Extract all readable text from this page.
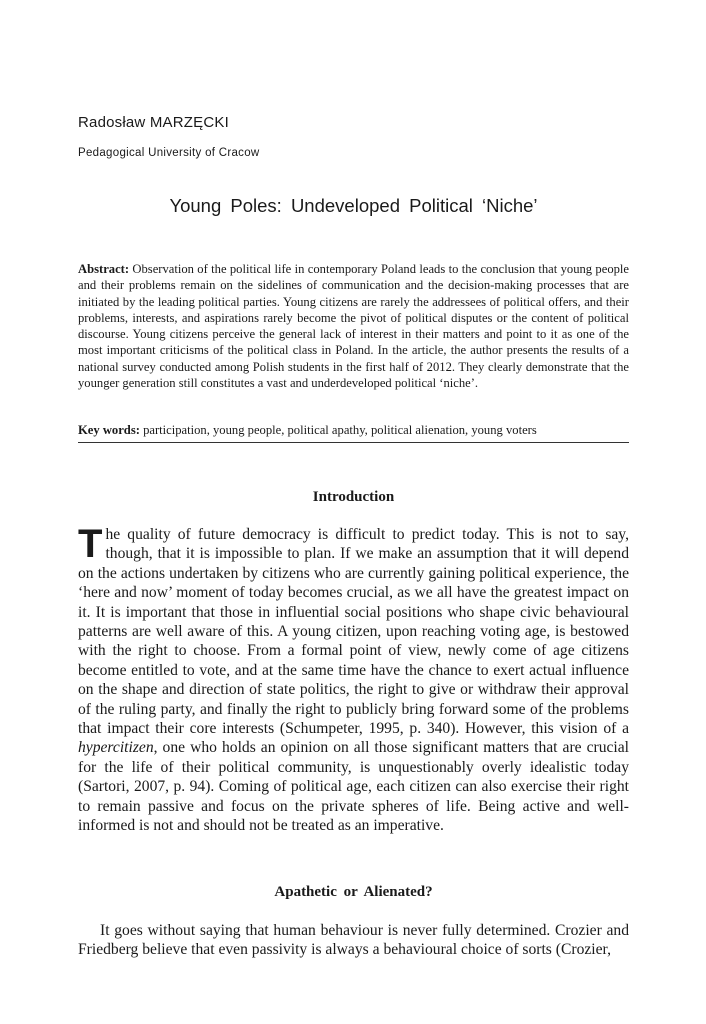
Radosław MARZĘCKI
Pedagogical University of Cracow
Young Poles: Undeveloped Political ‘Niche’

Abstract: Observation of the political life in contemporary Poland leads to the conclusion that young people and their problems remain on the sidelines of communication and the decision-making processes that are initiated by the leading political parties. Young citizens are rarely the addressees of political offers, and their problems, interests, and aspirations rarely become the pivot of political disputes or the content of political discourse. Young citizens perceive the general lack of interest in their matters and point to it as one of the most important criticisms of the political class in Poland. In the article, the author presents the results of a national survey conducted among Polish students in the first half of 2012. They clearly demonstrate that the younger generation still constitutes a vast and underdeveloped political ‘niche’.

Key words: participation, young people, political apathy, political alienation, young voters

Introduction

The quality of future democracy is difficult to predict today. This is not to say, though, that it is impossible to plan. If we make an assumption that it will depend on the actions undertaken by citizens who are currently gaining political experience, the ‘here and now’ moment of today becomes crucial, as we all have the greatest impact on it. It is important that those in influential social positions who shape civic behavioural patterns are well aware of this. A young citizen, upon reaching voting age, is bestowed with the right to choose. From a formal point of view, newly come of age citizens become entitled to vote, and at the same time have the chance to exert actual influence on the shape and direction of state politics, the right to give or withdraw their approval of the ruling party, and finally the right to publicly bring forward some of the problems that impact their core interests (Schumpeter, 1995, p. 340). However, this vision of a hypercitizen, one who holds an opinion on all those significant matters that are crucial for the life of their political community, is unquestionably overly idealistic today (Sartori, 2007, p. 94). Coming of political age, each citizen can also exercise their right to remain passive and focus on the private spheres of life. Being active and well-informed is not and should not be treated as an imperative.

Apathetic or Alienated?

It goes without saying that human behaviour is never fully determined. Crozier and Friedberg believe that even passivity is always a behavioural choice of sorts (Crozier,
